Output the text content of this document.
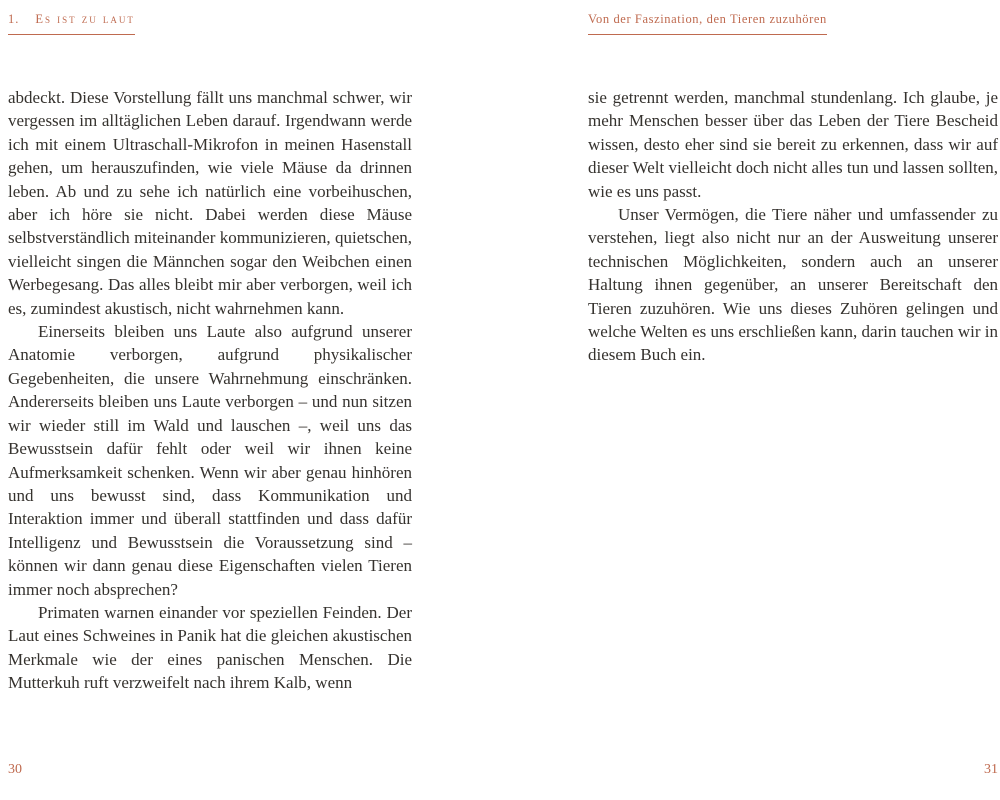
1. Es ist zu laut

abdeckt. Diese Vorstellung fällt uns manchmal schwer, wir vergessen im alltäglichen Leben darauf. Irgendwann werde ich mit einem Ultraschall-Mikrofon in meinen Hasenstall gehen, um herauszufinden, wie viele Mäuse da drinnen leben. Ab und zu sehe ich natürlich eine vorbeihuschen, aber ich höre sie nicht. Dabei werden diese Mäuse selbstverständlich miteinander kommunizieren, quietschen, vielleicht singen die Männchen sogar den Weibchen einen Werbegesang. Das alles bleibt mir aber verborgen, weil ich es, zumindest akustisch, nicht wahrnehmen kann.

Einerseits bleiben uns Laute also aufgrund unserer Anatomie verborgen, aufgrund physikalischer Gegebenheiten, die unsere Wahrnehmung einschränken. Andererseits bleiben uns Laute verborgen – und nun sitzen wir wieder still im Wald und lauschen –, weil uns das Bewusstsein dafür fehlt oder weil wir ihnen keine Aufmerksamkeit schenken. Wenn wir aber genau hinhören und uns bewusst sind, dass Kommunikation und Interaktion immer und überall stattfinden und dass dafür Intelligenz und Bewusstsein die Voraussetzung sind – können wir dann genau diese Eigenschaften vielen Tieren immer noch absprechen?

Primaten warnen einander vor speziellen Feinden. Der Laut eines Schweines in Panik hat die gleichen akustischen Merkmale wie der eines panischen Menschen. Die Mutterkuh ruft verzweifelt nach ihrem Kalb, wenn

30
Von der Faszination, den Tieren zuzuhören

sie getrennt werden, manchmal stundenlang. Ich glaube, je mehr Menschen besser über das Leben der Tiere Bescheid wissen, desto eher sind sie bereit zu erkennen, dass wir auf dieser Welt vielleicht doch nicht alles tun und lassen sollten, wie es uns passt.

Unser Vermögen, die Tiere näher und umfassender zu verstehen, liegt also nicht nur an der Ausweitung unserer technischen Möglichkeiten, sondern auch an unserer Haltung ihnen gegenüber, an unserer Bereitschaft den Tieren zuzuhören. Wie uns dieses Zuhören gelingen und welche Welten es uns erschließen kann, darin tauchen wir in diesem Buch ein.

31
